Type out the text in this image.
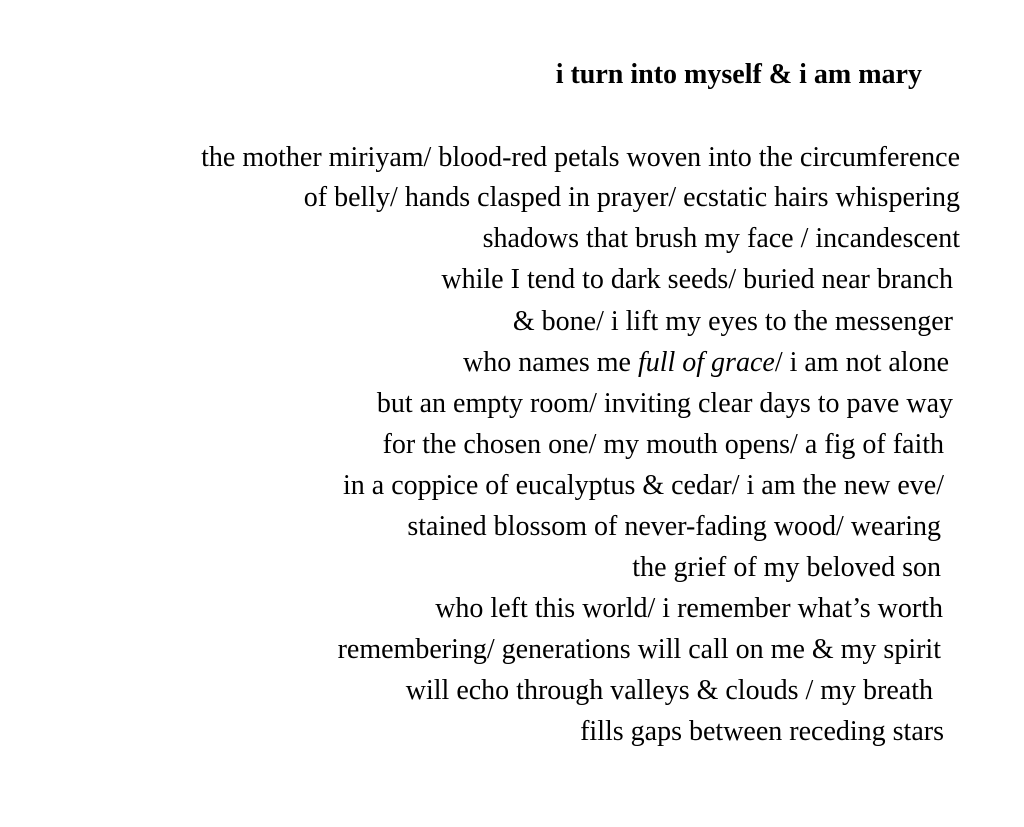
i turn into myself & i am mary

the mother miriyam/ blood-red petals woven into the circumference

of belly/ hands clasped in prayer/ ecstatic hairs whispering

shadows that brush my face / incandescent

while I tend to dark seeds/ buried near branch

& bone/ i lift my eyes to the messenger

who names me full of grace/ i am not alone

but an empty room/ inviting clear days to pave way

for the chosen one/ my mouth opens/ a fig of faith

in a coppice of eucalyptus & cedar/ i am the new eve/

stained blossom of never-fading wood/ wearing

the grief of my beloved son

who left this world/ i remember what’s worth

remembering/ generations will call on me & my spirit

will echo through valleys & clouds / my breath

fills gaps between receding stars
